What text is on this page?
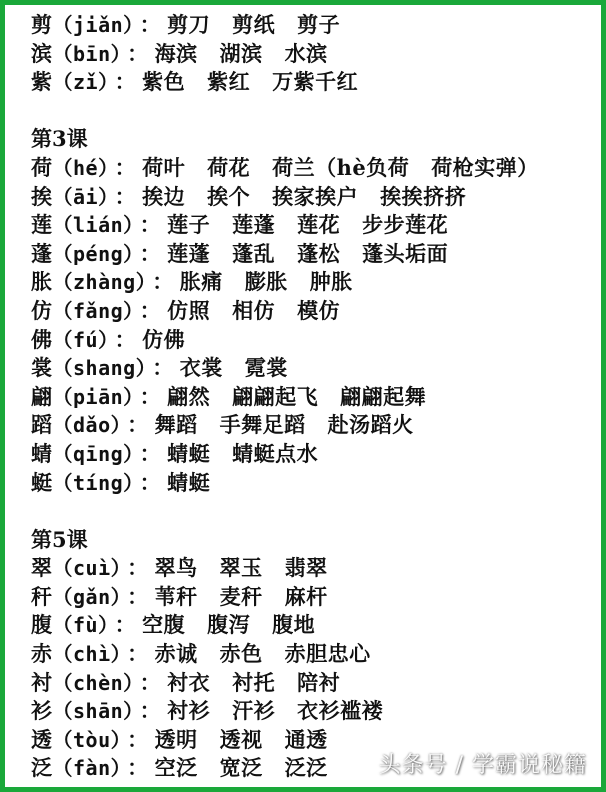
剪（jiǎn） ： 剪刀 剪纸 剪子
滨（bīn） ： 海滨 湖滨 水滨
紫（zǐ） ： 紫色 紫红 万紫千红
第3课
荷（hé） ： 荷叶 荷花 荷兰（hè负荷 荷枪实弹）
挨（āi） ： 挨边 挨个 挨家挨户 挨挨挤挤
莲（lián） ： 莲子 莲蓬 莲花 步步莲花
蓬（péng） ： 莲蓬 蓬乱 蓬松 蓬头垢面
胀（zhàng） ： 胀痛 膨胀 肿胀
仿（fǎng） ： 仿照 相仿 模仿
佛（fú） ： 仿佛
裳（shang） ： 衣裳 霓裳
翩（piān） ： 翩然 翩翩起飞 翩翩起舞
蹈（dǎo） ： 舞蹈 手舞足蹈 赴汤蹈火
蜻（qīng） ： 蜻蜓 蜻蜓点水
蜓（tíng） ： 蜻蜓
第5课
翠（cuì） ： 翠鸟 翠玉 翡翠
秆（gǎn） ： 苇秆 麦秆 麻杆
腹（fù） ： 空腹 腹泻 腹地
赤（chì） ： 赤诚 赤色 赤胆忠心
衬（chèn） ： 衬衣 衬托 陪衬
衫（shān） ： 衬衫 汗衫 衣衫褴褛
透（tòu） ： 透明 透视 通透
泛（fàn） ： 空泛 宽泛 泛泛	头条号 / 学霸说秘籍
